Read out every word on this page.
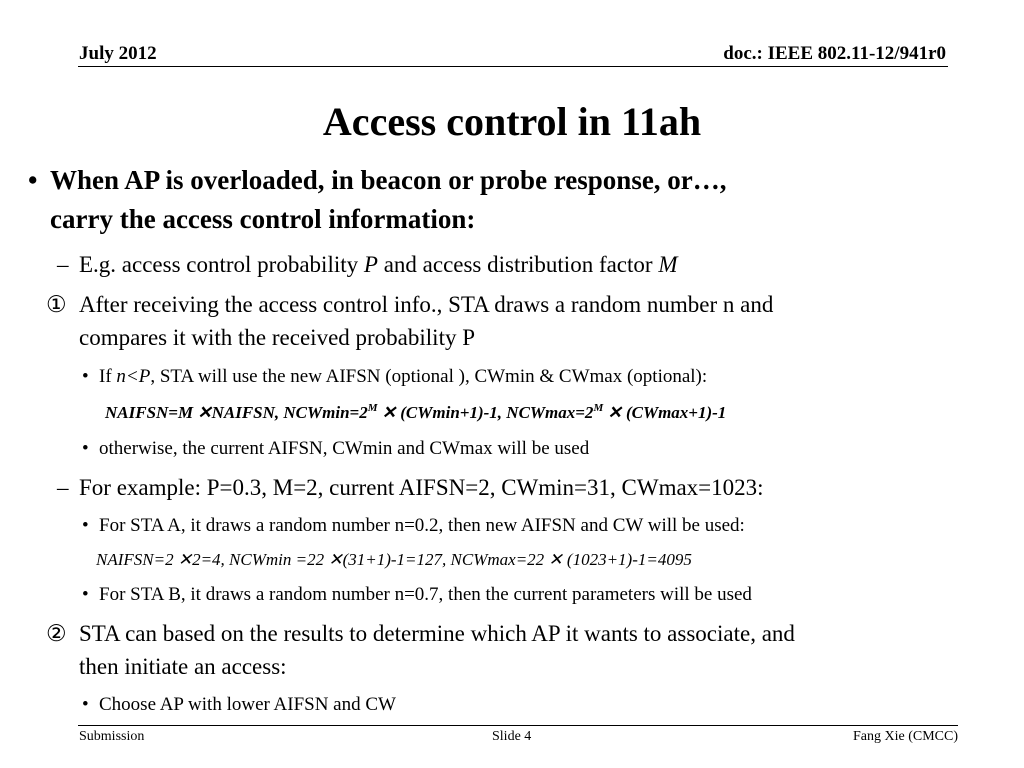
July 2012	doc.: IEEE 802.11-12/941r0
Access control in 11ah
• When AP is overloaded, in beacon or probe response, or…,
carry the access control information:
– E.g. access control probability P and access distribution factor M
① After receiving the access control info., STA draws a random number n and
compares it with the received probability P
• If n<P, STA will use the new AIFSN (optional ), CWmin & CWmax (optional):
NAIFSN=M ✕NAIFSN, $NCWmin=2^M$ ✕ (CWmin+1)-1, $NCWmax=2^M$ ✕ (CWmax+1)-1
• otherwise, the current AIFSN, CWmin and CWmax will be used
– For example: P=0.3, M=2, current AIFSN=2, CWmin=31, CWmax=1023:
• For STA A, it draws a random number n=0.2, then new AIFSN and CW will be used:
NAIFSN=2 ✕2=4, NCWmin =22 ✕(31+1)-1=127, NCWmax=22 ✕ (1023+1)-1=4095
• For STA B, it draws a random number n=0.7, then the current parameters will be used
② STA can based on the results to determine which AP it wants to associate, and
then initiate an access:
• Choose AP with lower AIFSN and CW
Submission	Slide 4	Fang Xie (CMCC)
